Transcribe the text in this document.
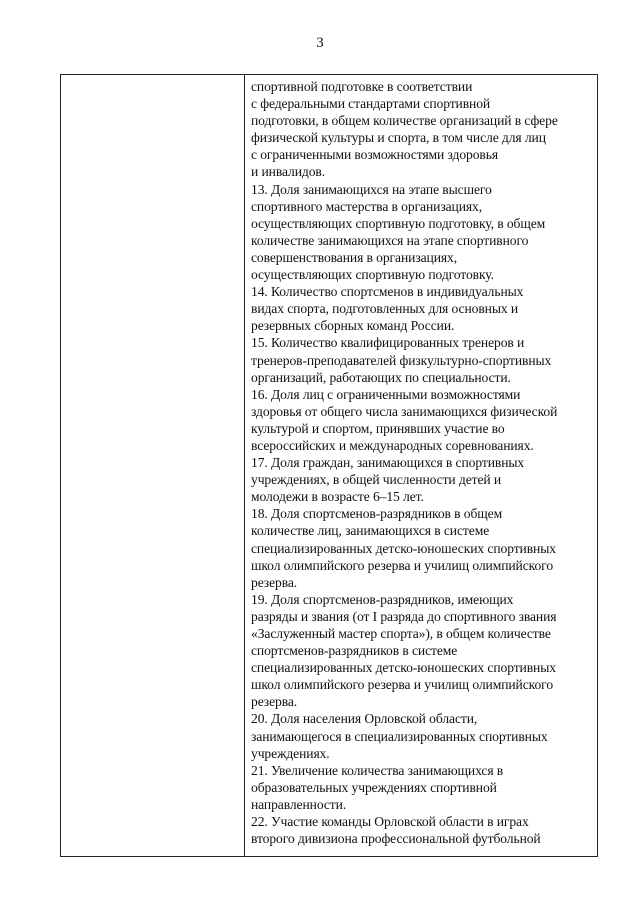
3
спортивной подготовке в соответствии
с федеральными стандартами спортивной
подготовки, в общем количестве организаций в сфере
физической культуры и спорта, в том числе для лиц
с ограниченными возможностями здоровья
и инвалидов.
13. Доля занимающихся на этапе высшего
спортивного мастерства в организациях,
осуществляющих спортивную подготовку, в общем
количестве занимающихся на этапе спортивного
совершенствования в организациях,
осуществляющих спортивную подготовку.
14. Количество спортсменов в индивидуальных
видах спорта, подготовленных для основных и
резервных сборных команд России.
15. Количество квалифицированных тренеров и
тренеров-преподавателей физкультурно-спортивных
организаций, работающих по специальности.
16. Доля лиц с ограниченными возможностями
здоровья от общего числа занимающихся физической
культурой и спортом, принявших участие во
всероссийских и международных соревнованиях.
17. Доля граждан, занимающихся в спортивных
учреждениях, в общей численности детей и
молодежи в возрасте 6–15 лет.
18. Доля спортсменов-разрядников в общем
количестве лиц, занимающихся в системе
специализированных детско-юношеских спортивных
школ олимпийского резерва и училищ олимпийского
резерва.
19. Доля спортсменов-разрядников, имеющих
разряды и звания (от I разряда до спортивного звания
«Заслуженный мастер спорта»), в общем количестве
спортсменов-разрядников в системе
специализированных детско-юношеских спортивных
школ олимпийского резерва и училищ олимпийского
резерва.
20. Доля населения Орловской области,
занимающегося в специализированных спортивных
учреждениях.
21. Увеличение количества занимающихся в
образовательных учреждениях спортивной
направленности.
22. Участие команды Орловской области в играх
второго дивизиона профессиональной футбольной
